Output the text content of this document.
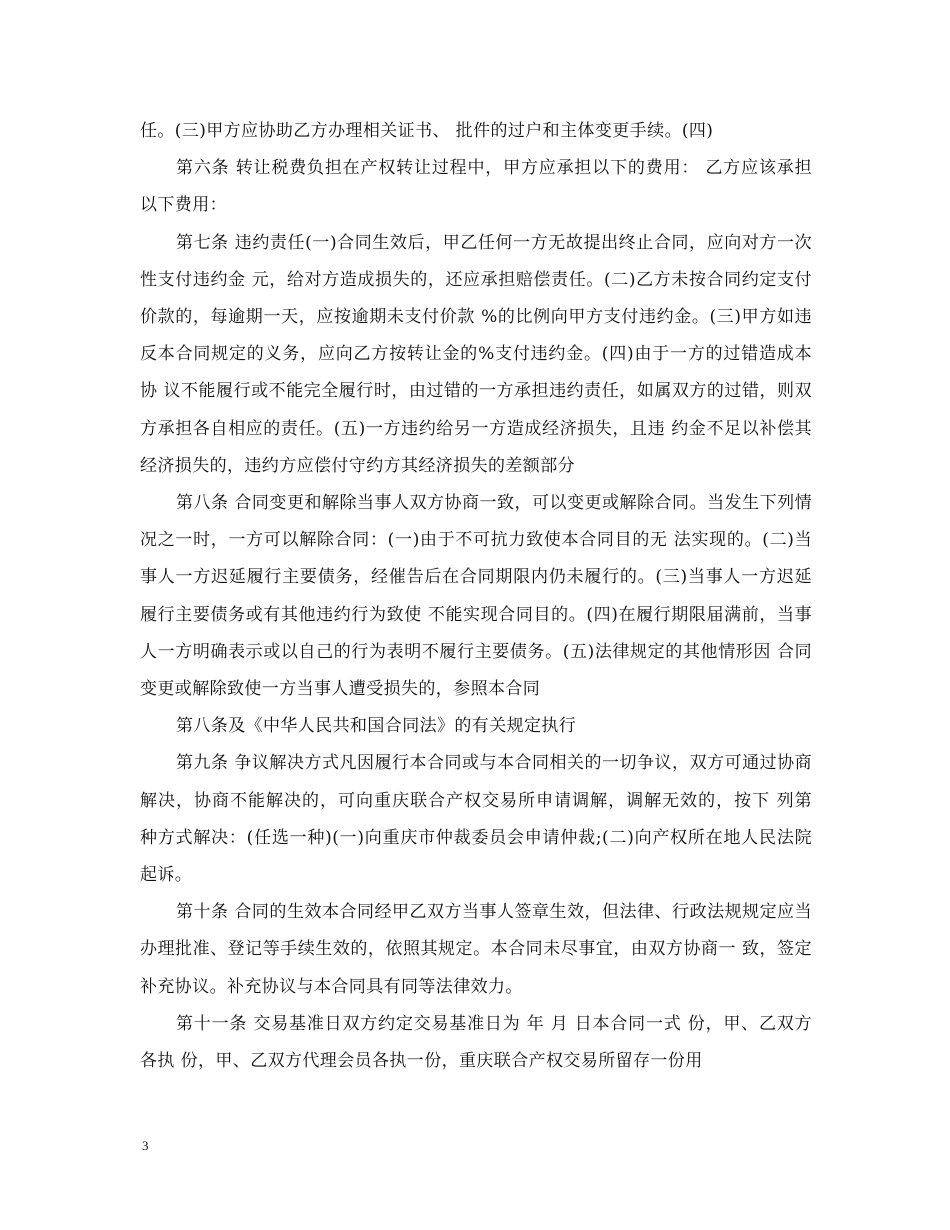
任。(三)甲方应协助乙方办理相关证书、 批件的过户和主体变更手续。(四)

第六条 转让税费负担在产权转让过程中，甲方应承担以下的费用： 乙方应该承担以下费用：

第七条 违约责任(一)合同生效后，甲乙任何一方无故提出终止合同，应向对方一次性支付违约金 元，给对方造成损失的，还应承担赔偿责任。(二)乙方未按合同约定支付价款的，每逾期一天，应按逾期未支付价款 %的比例向甲方支付违约金。(三)甲方如违反本合同规定的义务，应向乙方按转让金的%支付违约金。(四)由于一方的过错造成本协 议不能履行或不能完全履行时，由过错的一方承担违约责任，如属双方的过错，则双方承担各自相应的责任。(五)一方违约给另一方造成经济损失，且违 约金不足以补偿其经济损失的，违约方应偿付守约方其经济损失的差额部分

第八条 合同变更和解除当事人双方协商一致，可以变更或解除合同。当发生下列情况之一时，一方可以解除合同：(一)由于不可抗力致使本合同目的无 法实现的。(二)当事人一方迟延履行主要债务，经催告后在合同期限内仍未履行的。(三)当事人一方迟延履行主要债务或有其他违约行为致使 不能实现合同目的。(四)在履行期限届满前，当事人一方明确表示或以自己的行为表明不履行主要债务。(五)法律规定的其他情形因 合同变更或解除致使一方当事人遭受损失的，参照本合同

第八条及《中华人民共和国合同法》的有关规定执行

第九条 争议解决方式凡因履行本合同或与本合同相关的一切争议，双方可通过协商解决，协商不能解决的，可向重庆联合产权交易所申请调解，调解无效的，按下 列第 种方式解决：(任选一种)(一)向重庆市仲裁委员会申请仲裁;(二)向产权所在地人民法院起诉。

第十条 合同的生效本合同经甲乙双方当事人签章生效，但法律、行政法规规定应当办理批准、登记等手续生效的，依照其规定。本合同未尽事宜，由双方协商一 致，签定补充协议。补充协议与本合同具有同等法律效力。

第十一条 交易基准日双方约定交易基准日为 年 月 日本合同一式 份，甲、乙双方各执 份，甲、乙双方代理会员各执一份，重庆联合产权交易所留存一份用

3
